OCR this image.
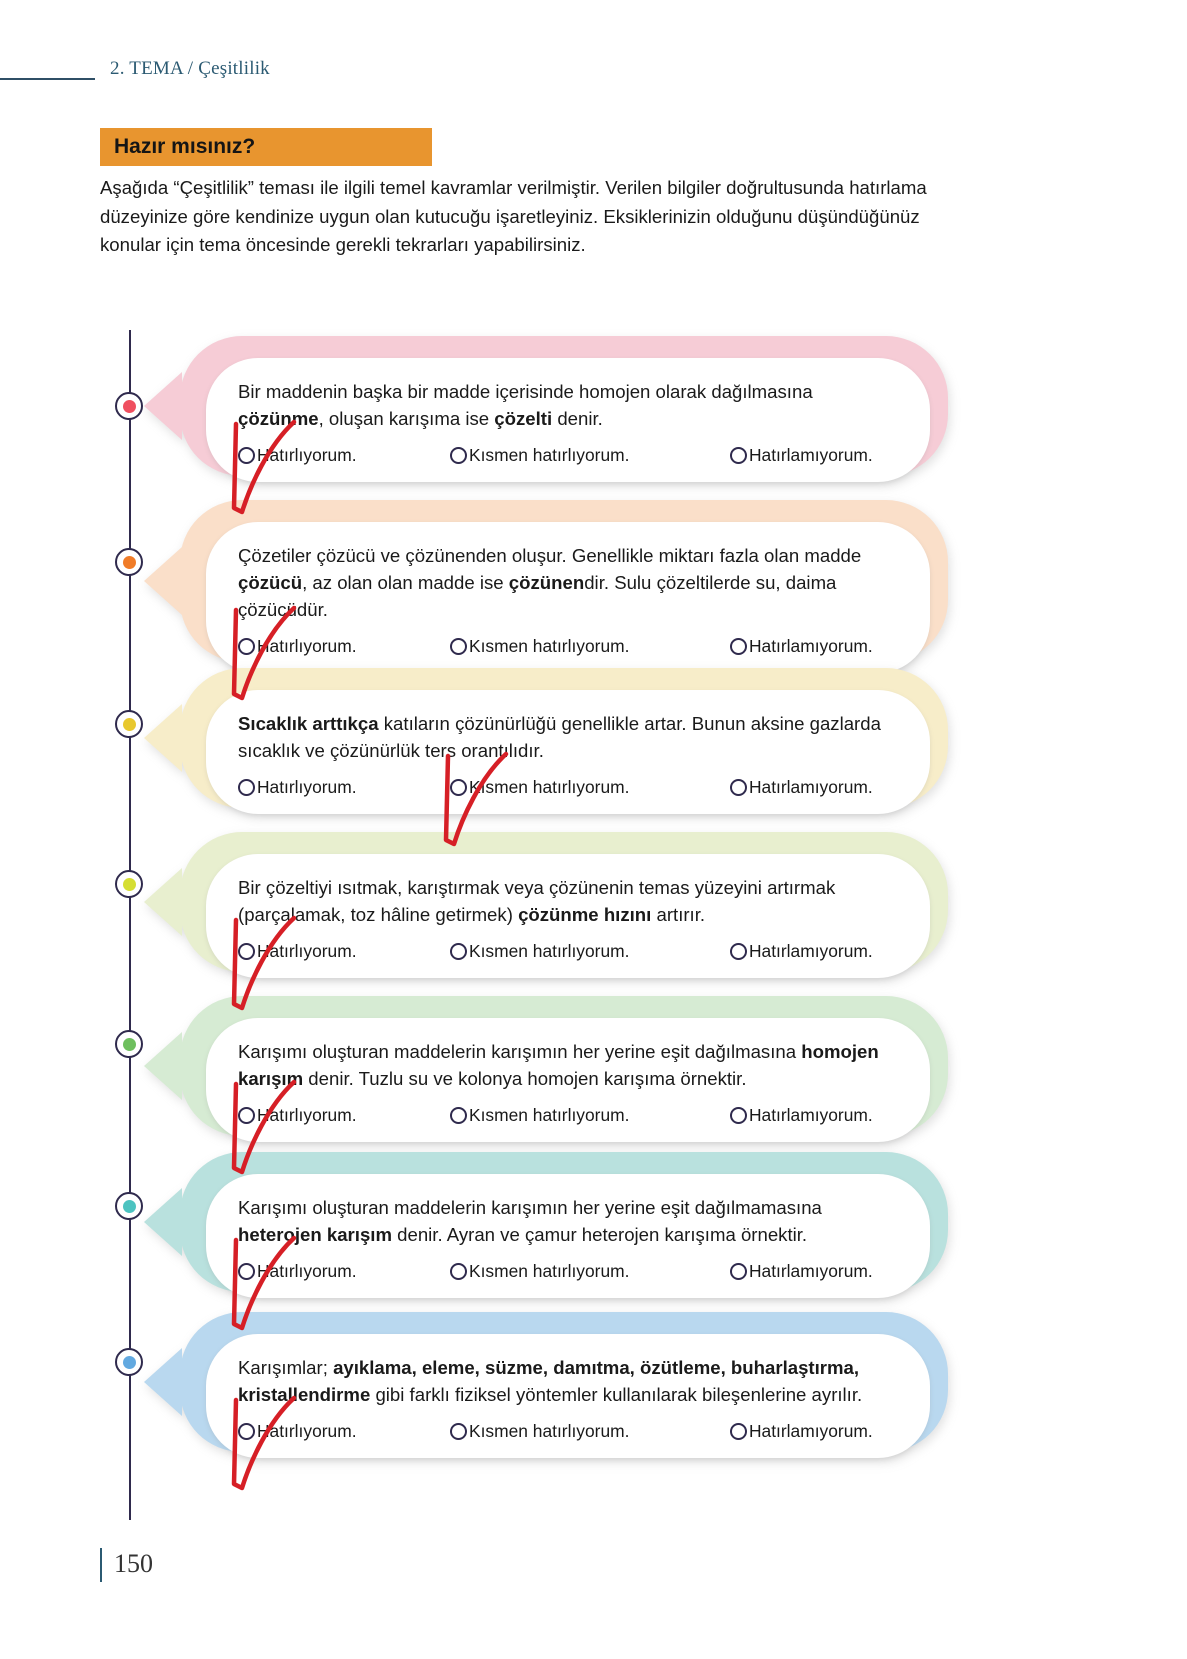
2. TEMA / Çeşitlilik
Hazır mısınız?
Aşağıda “Çeşitlilik” teması ile ilgili temel kavramlar verilmiştir. Verilen bilgiler doğrultusunda hatırlama düzeyinize göre kendinize uygun olan kutucuğu işaretleyiniz. Eksiklerinizin olduğunu düşündüğünüz konular için tema öncesinde gerekli tekrarları yapabilirsiniz.
Bir maddenin başka bir madde içerisinde homojen olarak dağılmasına çözünme, oluşan karışıma ise çözelti denir.
Hatırlıyorum.	Kısmen hatırlıyorum.	Hatırlamıyorum.
Çözetiler çözücü ve çözünenden oluşur. Genellikle miktarı fazla olan madde çözücü, az olan olan madde ise çözünendir. Sulu çözeltilerde su, daima çözücüdür.
Hatırlıyorum.	Kısmen hatırlıyorum.	Hatırlamıyorum.
Sıcaklık arttıkça katıların çözünürlüğü genellikle artar. Bunun aksine gazlarda sıcaklık ve çözünürlük ters orantılıdır.
Hatırlıyorum.	Kısmen hatırlıyorum.	Hatırlamıyorum.
Bir çözeltiyi ısıtmak, karıştırmak veya çözünenin temas yüzeyini artırmak (parçalamak, toz hâline getirmek) çözünme hızını artırır.
Hatırlıyorum.	Kısmen hatırlıyorum.	Hatırlamıyorum.
Karışımı oluşturan maddelerin karışımın her yerine eşit dağılmasına homojen karışım denir. Tuzlu su ve kolonya homojen karışıma örnektir.
Hatırlıyorum.	Kısmen hatırlıyorum.	Hatırlamıyorum.
Karışımı oluşturan maddelerin karışımın her yerine eşit dağılmamasına heterojen karışım denir. Ayran ve çamur heterojen karışıma örnektir.
Hatırlıyorum.	Kısmen hatırlıyorum.	Hatırlamıyorum.
Karışımlar; ayıklama, eleme, süzme, damıtma, özütleme, buharlaştırma, kristallendirme gibi farklı fiziksel yöntemler kullanılarak bileşenlerine ayrılır.
Hatırlıyorum.	Kısmen hatırlıyorum.	Hatırlamıyorum.
150
